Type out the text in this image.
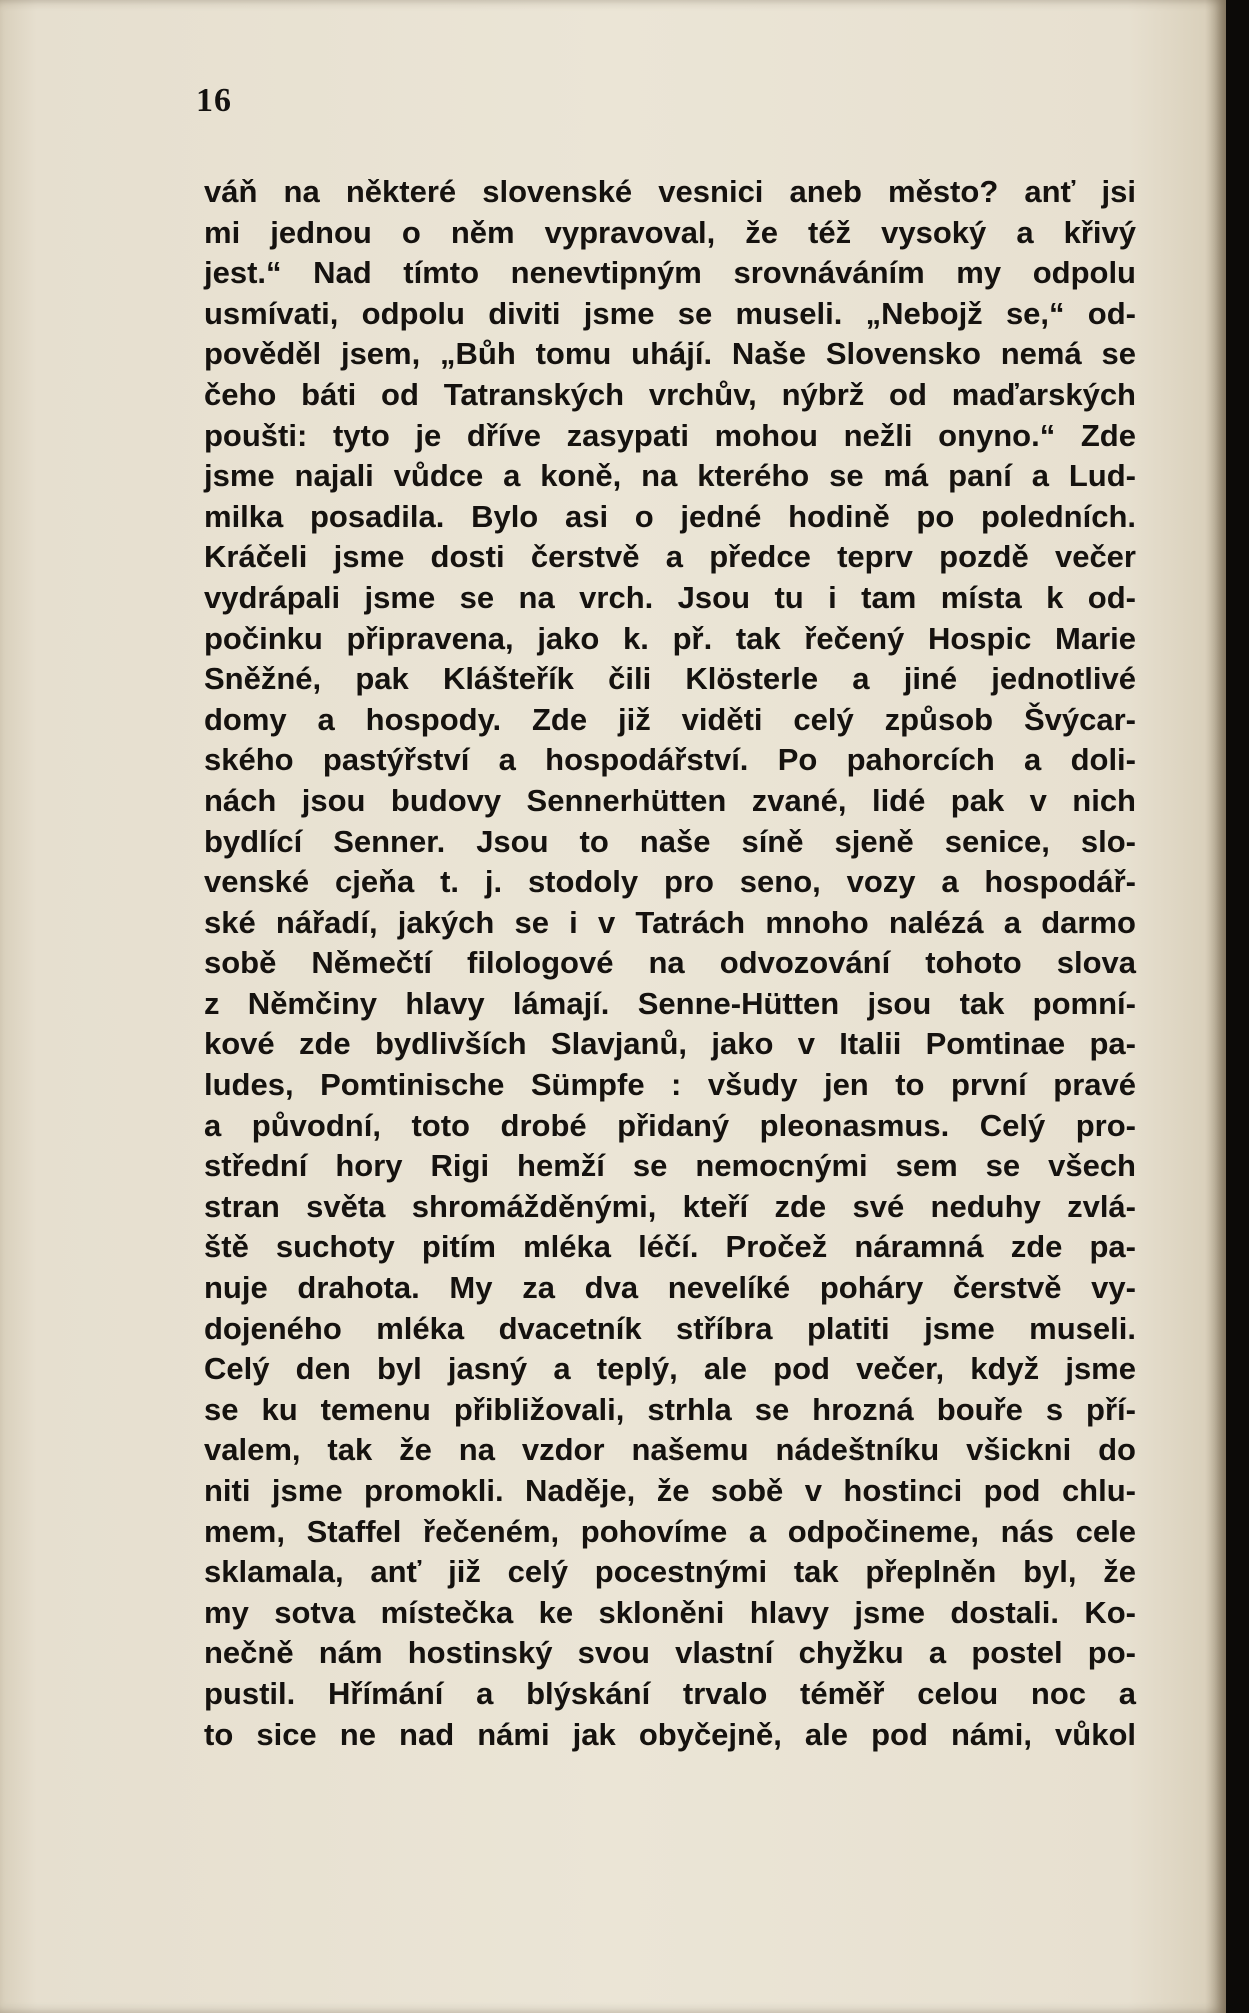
16
váň na některé slovenské vesnici aneb město? anť jsi
mi jednou o něm vypravoval, že též vysoký a křivý
jest.“ Nad tímto nenevtipným srovnáváním my odpolu
usmívati, odpolu diviti jsme se museli. „Nebojž se,“ od-
pověděl jsem, „Bůh tomu uhájí. Naše Slovensko nemá se
čeho báti od Tatranských vrchův, nýbrž od maďarských
poušti: tyto je dříve zasypati mohou nežli onyno.“ Zde
jsme najali vůdce a koně, na kterého se má paní a Lud-
milka posadila. Bylo asi o jedné hodině po poledních.
Kráčeli jsme dosti čerstvě a předce teprv pozdě večer
vydrápali jsme se na vrch. Jsou tu i tam místa k od-
počinku připravena, jako k. př. tak řečený Hospic Marie
Sněžné, pak Klášteřík čili Klösterle a jiné jednotlivé
domy a hospody. Zde již viděti celý způsob Švýcar-
ského pastýřství a hospodářství. Po pahorcích a doli-
nách jsou budovy Sennerhütten zvané, lidé pak v nich
bydlící Senner. Jsou to naše síně sjeně senice, slo-
venské cjeňa t. j. stodoly pro seno, vozy a hospodář-
ské nářadí, jakých se i v Tatrách mnoho nalézá a darmo
sobě Němečtí filologové na odvozování tohoto slova
z Němčiny hlavy lámají. Senne-Hütten jsou tak pomní-
kové zde bydlivších Slavjanů, jako v Italii Pomtinae pa-
ludes, Pomtinische Sümpfe : všudy jen to první pravé
a původní, toto drobé přidaný pleonasmus. Celý pro-
střední hory Rigi hemží se nemocnými sem se všech
stran světa shromážděnými, kteří zde své neduhy zvlá-
ště suchoty pitím mléka léčí. Pročež náramná zde pa-
nuje drahota. My za dva nevelíké poháry čerstvě vy-
dojeného mléka dvacetník stříbra platiti jsme museli.
Celý den byl jasný a teplý, ale pod večer, když jsme
se ku temenu přibližovali, strhla se hrozná bouře s pří-
valem, tak že na vzdor našemu nádeštníku všickni do
niti jsme promokli. Naděje, že sobě v hostinci pod chlu-
mem, Staffel řečeném, pohovíme a odpočineme, nás cele
sklamala, anť již celý pocestnými tak přeplněn byl, že
my sotva místečka ke skloněni hlavy jsme dostali. Ko-
nečně nám hostinský svou vlastní chyžku a postel po-
pustil. Hřímání a blýskání trvalo téměř celou noc a
to sice ne nad námi jak obyčejně, ale pod námi, vůkol
